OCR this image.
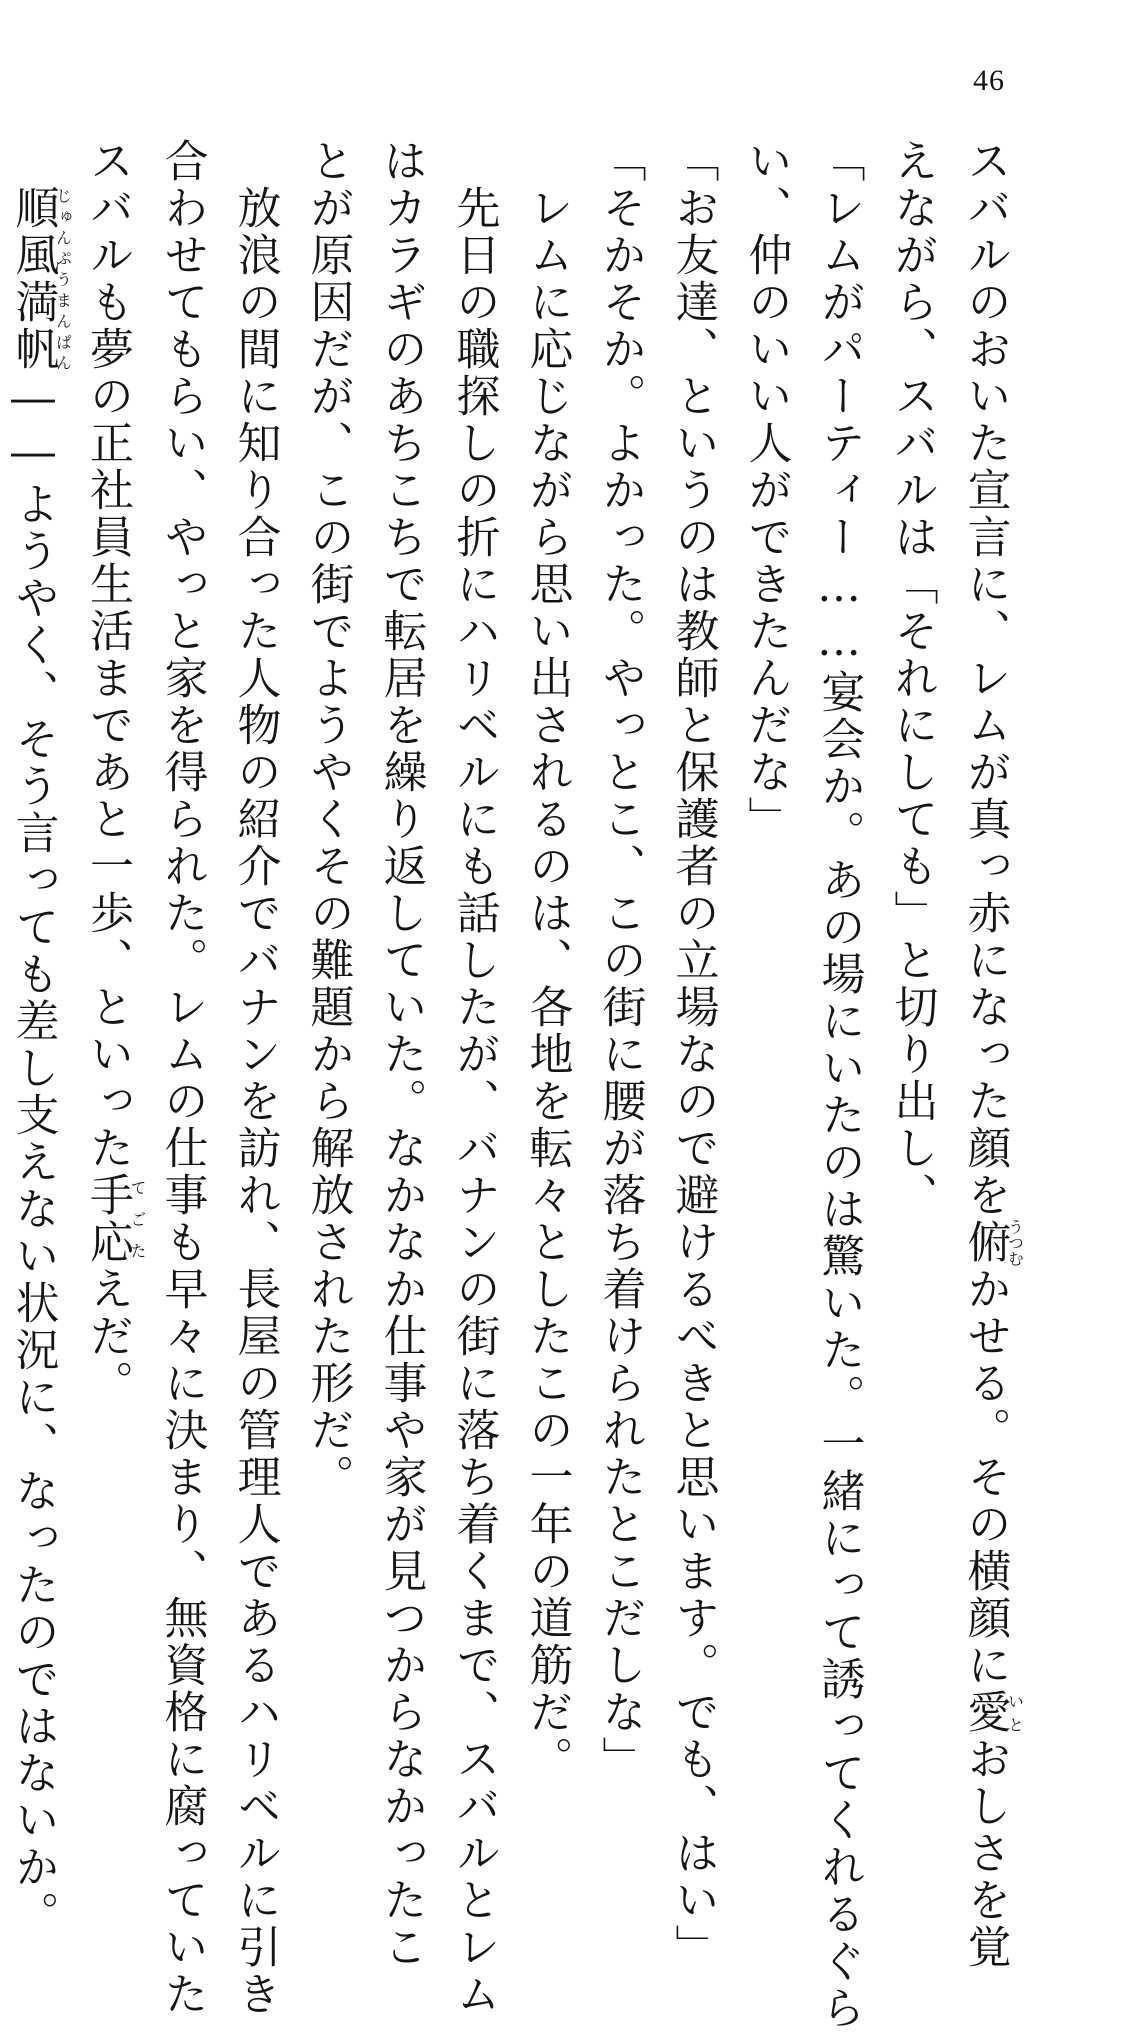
46
スバルのおいた宣言に、レムが真っ赤になった顔を俯うつむかせる。その横顔に愛いとおしさを覚
えながら、スバルは「それにしても」と切り出し、
「レムがパーティー……宴会か。あの場にいたのは驚いた。一緒にって誘ってくれるぐら
い、仲のいい人ができたんだな」
「お友達、というのは教師と保護者の立場なので避けるべきと思います。でも、はい」
「そかそか。よかった。やっとこ、この街に腰が落ち着けられたとこだしな」
　レムに応じながら思い出されるのは、各地を転々としたこの一年の道筋だ。
　先日の職探しの折にハリベルにも話したが、バナンの街に落ち着くまで、スバルとレム
はカラギのあちこちで転居を繰り返していた。なかなか仕事や家が見つからなかったこ
とが原因だが、この街でようやくその難題から解放された形だ。
　放浪の間に知り合った人物の紹介でバナンを訪れ、長屋の管理人であるハリベルに引き
合わせてもらい、やっと家を得られた。レムの仕事も早々に決まり、無資格に腐っていた
スバルも夢の正社員生活まであと一歩、といった手応てごたえだ。
　順風満帆じゅんぷうまんぱん――ようやく、そう言っても差し支えない状況に、なったのではないか。
